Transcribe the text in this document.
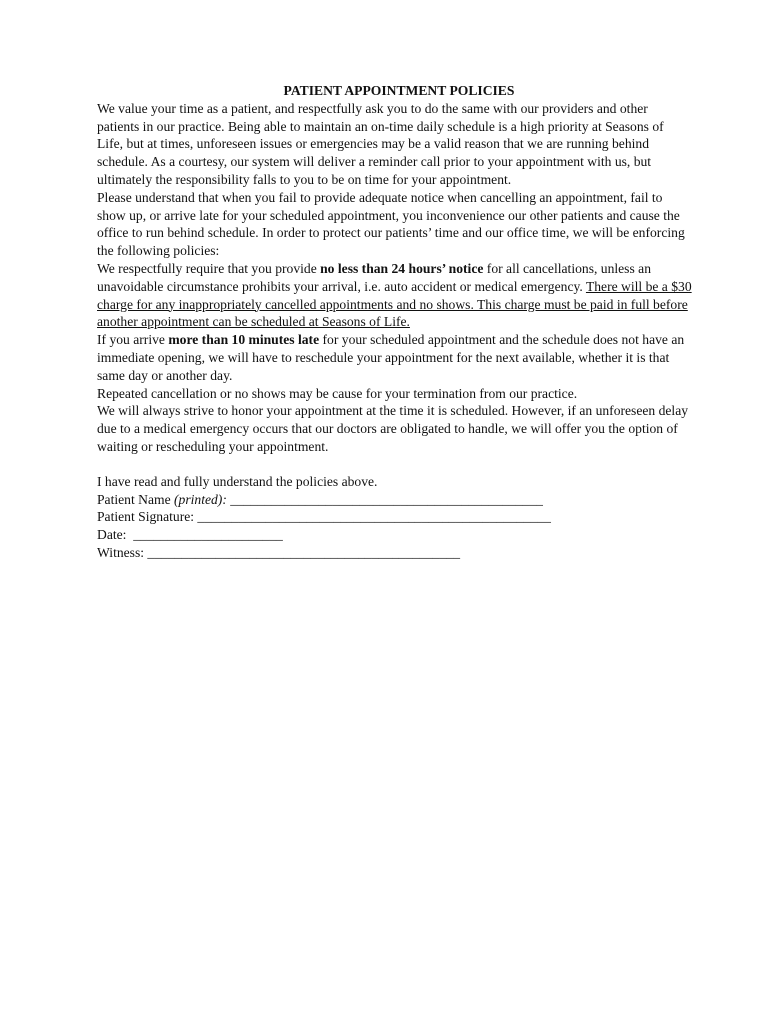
PATIENT APPOINTMENT POLICIES

We value your time as a patient, and respectfully ask you to do the same with our providers and other patients in our practice. Being able to maintain an on-time daily schedule is a high priority at Seasons of Life, but at times, unforeseen issues or emergencies may be a valid reason that we are running behind schedule. As a courtesy, our system will deliver a reminder call prior to your appointment with us, but ultimately the responsibility falls to you to be on time for your appointment.

Please understand that when you fail to provide adequate notice when cancelling an appointment, fail to show up, or arrive late for your scheduled appointment, you inconvenience our other patients and cause the office to run behind schedule. In order to protect our patients’ time and our office time, we will be enforcing the following policies:

We respectfully require that you provide no less than 24 hours’ notice for all cancellations, unless an unavoidable circumstance prohibits your arrival, i.e. auto accident or medical emergency. There will be a $30 charge for any inappropriately cancelled appointments and no shows. This charge must be paid in full before another appointment can be scheduled at Seasons of Life.

If you arrive more than 10 minutes late for your scheduled appointment and the schedule does not have an immediate opening, we will have to reschedule your appointment for the next available, whether it is that same day or another day.

Repeated cancellation or no shows may be cause for your termination from our practice.

We will always strive to honor your appointment at the time it is scheduled. However, if an unforeseen delay due to a medical emergency occurs that our doctors are obligated to handle, we will offer you the option of waiting or rescheduling your appointment.

I have read and fully understand the policies above.

Patient Name (printed): ______________________________________________

Patient Signature: ____________________________________________________

Date:  ______________________

Witness: ______________________________________________
